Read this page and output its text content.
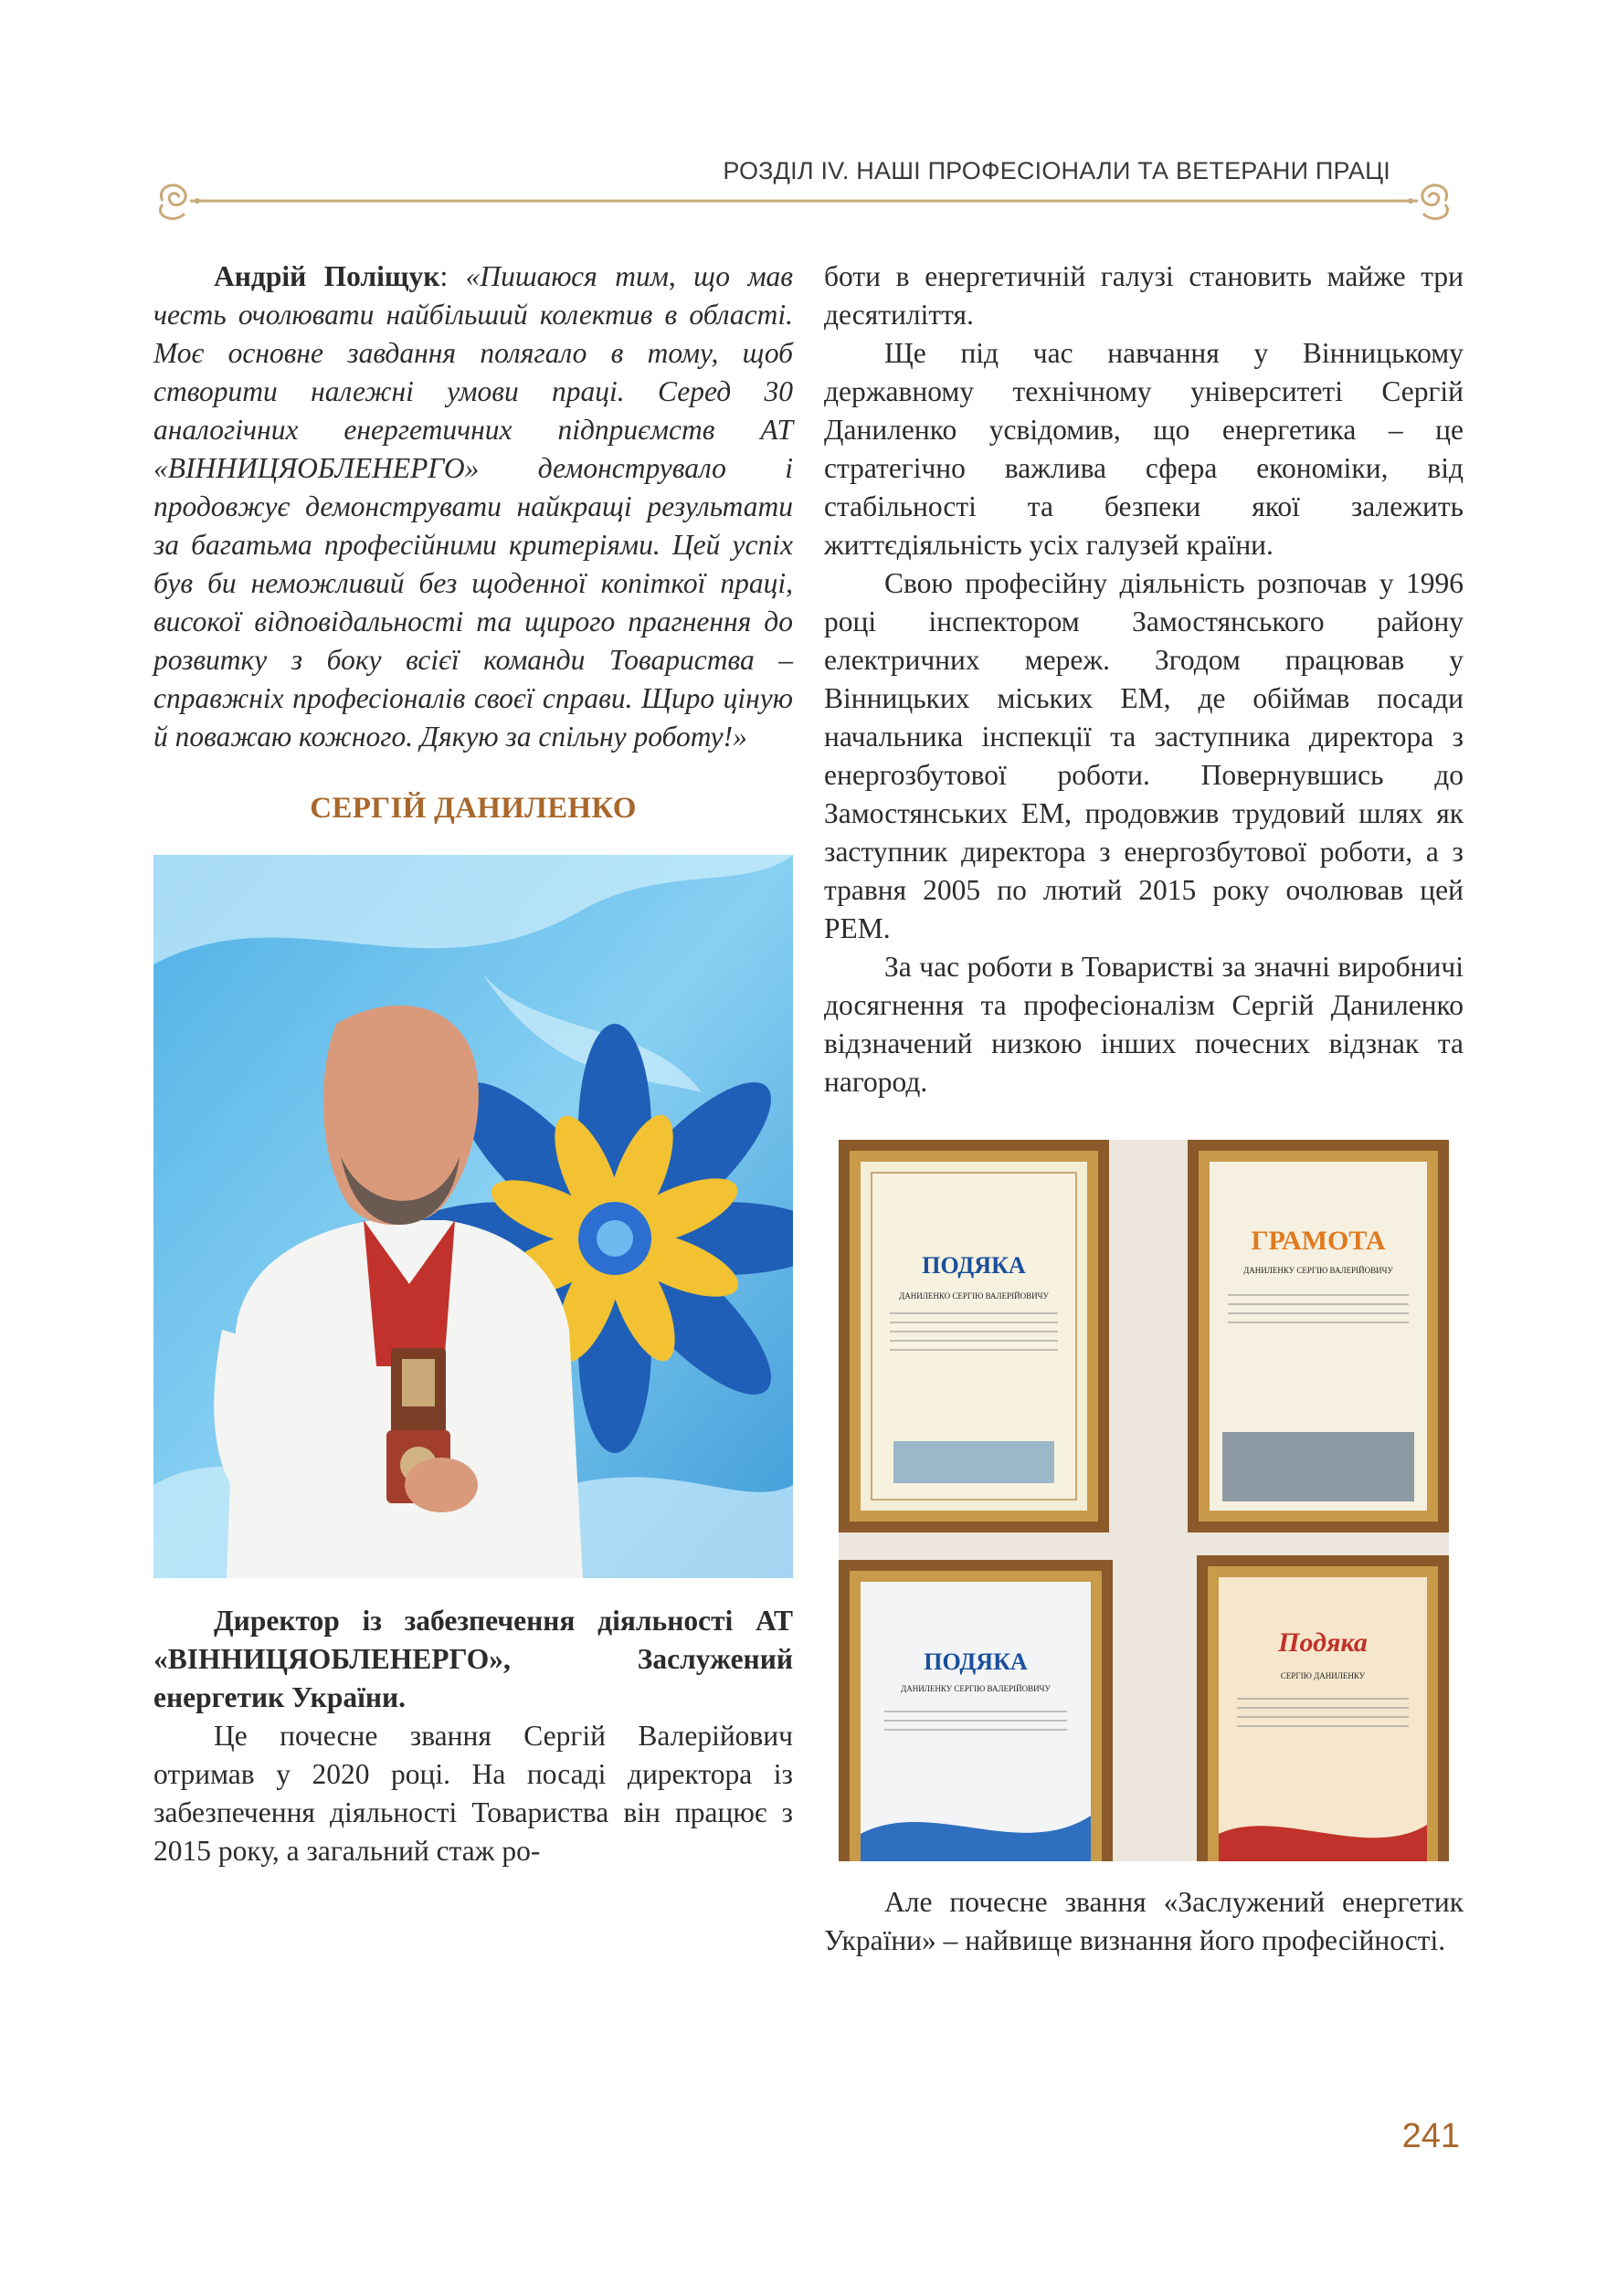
РОЗДІЛ IV. НАШІ ПРОФЕСІОНАЛИ ТА ВЕТЕРАНИ ПРАЦІ

Андрій Поліщук: «Пишаюся тим, що мав честь очолювати найбільший колектив в області. Моє основне завдання полягало в тому, щоб створити належні умови праці. Серед 30 аналогічних енергетичних підприємств АТ «ВІННИЦЯОБЛЕНЕРГО» демонструвало і продовжує демонструвати найкращі результати за багатьма професійними критеріями. Цей успіх був би неможливий без щоденної копіткої праці, високої відповідальності та щирого прагнення до розвитку з боку всієї команди Товариства – справжніх професіоналів своєї справи. Щиро ціную й поважаю кожного. Дякую за спільну роботу!»

СЕРГІЙ ДАНИЛЕНКО

Директор із забезпечення діяльності АТ «ВІННИЦЯОБЛЕНЕРГО», Заслужений енергетик України.

Це почесне звання Сергій Валерійович отримав у 2020 році. На посаді директора із забезпечення діяльності Товариства він працює з 2015 року, а загальний стаж ро-

боти в енергетичній галузі становить майже три десятиліття.

Ще під час навчання у Вінницькому державному технічному університеті Сергій Даниленко усвідомив, що енергетика – це стратегічно важлива сфера економіки, від стабільності та безпеки якої залежить життєдіяльність усіх галузей країни.

Свою професійну діяльність розпочав у 1996 році інспектором Замостянського району електричних мереж. Згодом працював у Вінницьких міських ЕМ, де обіймав посади начальника інспекції та заступника директора з енергозбутової роботи. Повернувшись до Замостянських ЕМ, продовжив трудовий шлях як заступник директора з енергозбутової роботи, а з травня 2005 по лютий 2015 року очолював цей РЕМ.

За час роботи в Товаристві за значні виробничі досягнення та професіоналізм Сергій Даниленко відзначений низкою інших почесних відзнак та нагород.

ПОДЯКА
ДАНИЛЕНКО СЕРГІЮ ВАЛЕРІЙОВИЧУ
ГРАМОТА
ДАНИЛЕНКУ СЕРГІЮ ВАЛЕРІЙОВИЧУ
ПОДЯКА
ДАНИЛЕНКУ СЕРГІЮ ВАЛЕРІЙОВИЧУ
Подяка
СЕРГІЮ ДАНИЛЕНКУ

Але почесне звання «Заслужений енергетик України» – найвище визнання його професійності.

241
